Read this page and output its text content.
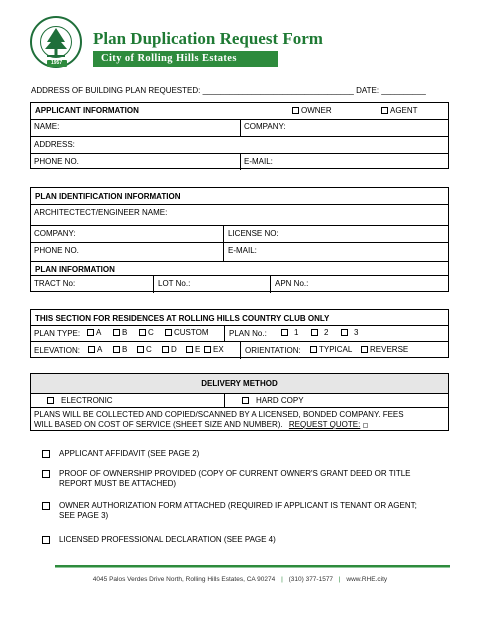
1957
Plan Duplication Request Form
City of Rolling Hills Estates
ADDRESS OF BUILDING PLAN REQUESTED: __________________________________ DATE: __________
APPLICANT INFORMATION	OWNER	AGENT
NAME:	COMPANY:
ADDRESS:
PHONE NO.	E-MAIL:
PLAN IDENTIFICATION INFORMATION
ARCHITECTECT/ENGINEER NAME:
COMPANY:	LICENSE NO:
PHONE NO.	E-MAIL:
PLAN INFORMATION
TRACT No:	LOT No.:	APN No.:
THIS SECTION FOR RESIDENCES AT ROLLING HILLS COUNTRY CLUB ONLY
PLAN TYPE:	A	B	C	CUSTOM	PLAN No.:	1	2	3
ELEVATION:	A	B	C	D	E	EX	ORIENTATION:	TYPICAL	REVERSE
DELIVERY METHOD
ELECTRONIC	HARD COPY
PLANS WILL BE COLLECTED AND COPIED/SCANNED BY A LICENSED, BONDED COMPANY. FEES
WILL BASED ON COST OF SERVICE (SHEET SIZE AND NUMBER). REQUEST QUOTE:
APPLICANT AFFIDAVIT (SEE PAGE 2)
PROOF OF OWNERSHIP PROVIDED (COPY OF CURRENT OWNER'S GRANT DEED OR TITLE
REPORT MUST BE ATTACHED)
OWNER AUTHORIZATION FORM ATTACHED (REQUIRED IF APPLICANT IS TENANT OR AGENT;
SEE PAGE 3)
LICENSED PROFESSIONAL DECLARATION (SEE PAGE 4)
4045 Palos Verdes Drive North, Rolling Hills Estates, CA 90274 | (310) 377-1577 | www.RHE.city
